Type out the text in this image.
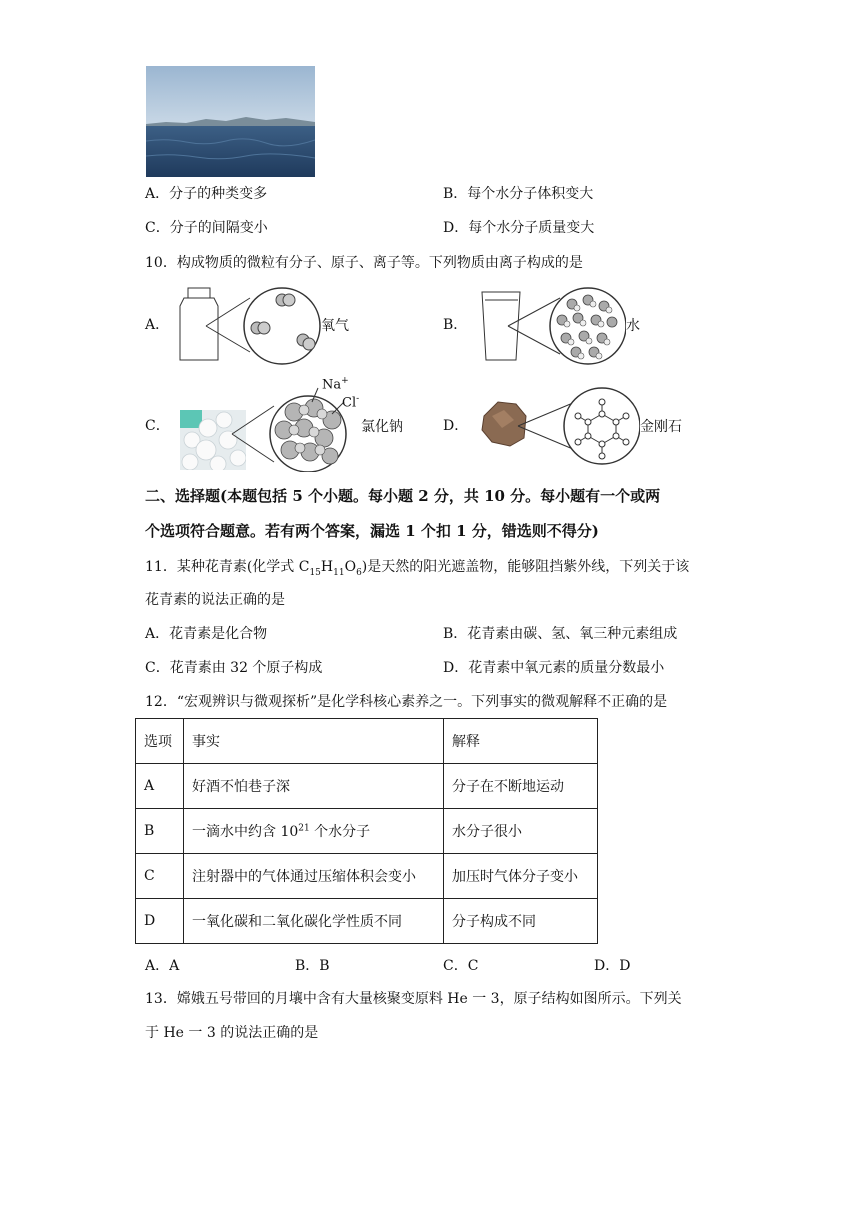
A．分子的种类变多	B．每个水分子体积变大
C．分子的间隔变小	D．每个水分子质量变大
10．构成物质的微粒有分子、原子、离子等。下列物质由离子构成的是
A．	氧气	B．	水
C．
Na+
Cl-
氯化钠	D．	金刚石
二、选择题(本题包括 5 个小题。每小题 2 分，共 10 分。每小题有一个或两
个选项符合题意。若有两个答案，漏选 1 个扣 1 分，错选则不得分)
11．某种花青素(化学式 $C_{15}H_{11}O_6$)是天然的阳光遮盖物，能够阻挡紫外线，下列关于该
花青素的说法正确的是
A．花青素是化合物	B．花青素由碳、氢、氧三种元素组成
C．花青素由 32 个原子构成	D．花青素中氧元素的质量分数最小
12．“宏观辨识与微观探析”是化学科核心素养之一。下列事实的微观解释不正确的是
选项	事实	解释
A	好酒不怕巷子深	分子在不断地运动
B	一滴水中约含 $10^{21}$ 个水分子	水分子很小
C	注射器中的气体通过压缩体积会变小	加压时气体分子变小
D	一氧化碳和二氧化碳化学性质不同	分子构成不同
A．A	B．B	C．C	D．D
13．嫦娥五号带回的月壤中含有大量核聚变原料 He 一 3，原子结构如图所示。下列关
于 He 一 3 的说法正确的是
